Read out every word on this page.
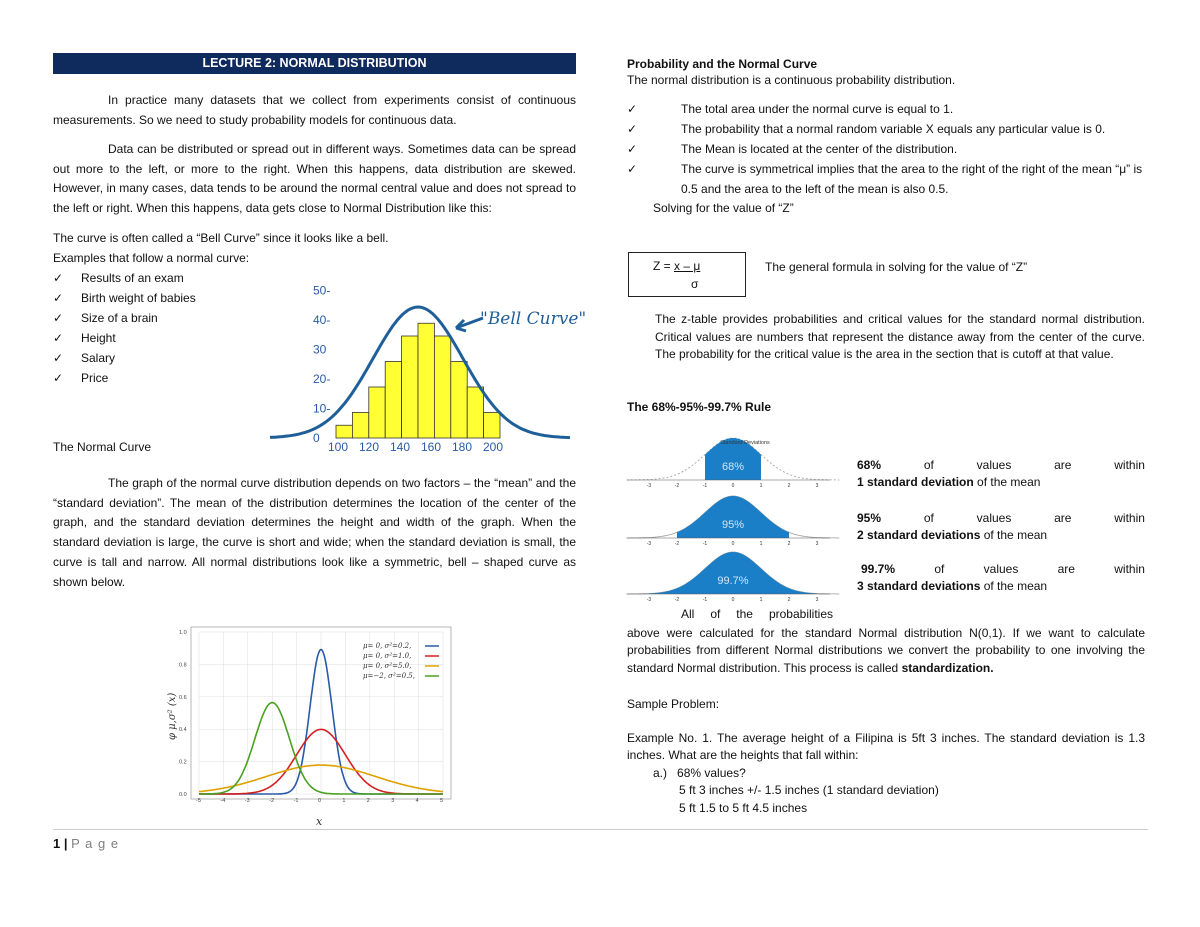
LECTURE 2: NORMAL DISTRIBUTION

In practice many datasets that we collect from experiments consist of continuous measurements. So we need to study probability models for continuous data.

Data can be distributed or spread out in different ways. Sometimes data can be spread out more to the left, or more to the right. When this happens, data distribution are skewed. However, in many cases, data tends to be around the normal central value and does not spread to the left or right. When this happens, data gets close to Normal Distribution like this:

The curve is often called a “Bell Curve” since it looks like a bell.

Examples that follow a normal curve:

✓ Results of an exam
✓ Birth weight of babies
✓ Size of a brain
✓ Height
✓ Salary
✓ Price

The Normal Curve

The graph of the normal curve distribution depends on two factors – the “mean” and the “standard deviation”. The mean of the distribution determines the location of the center of the graph, and the standard deviation determines the height and width of the graph. When the standard deviation is large, the curve is short and wide; when the standard deviation is small, the curve is tall and narrow. All normal distributions look like a symmetric, bell – shaped curve as shown below.

0
10-
20-
30
40-
50-
100 120 140 160 180 200
"Bell Curve"
1.0
0.8
0.6
0.4
0.2
0.0
-5	-4	-3	-2	-1	0	1	2	3	4	5
φ μ,σ² (x)
x
μ= 0, σ²=0.2,
μ= 0, σ²=1.0,
μ= 0, σ²=5.0,
μ=−2, σ²=0.5,

Probability and the Normal Curve

The normal distribution is a continuous probability distribution.

✓	The total area under the normal curve is equal to 1.
✓	The probability that a normal random variable X equals any particular value is 0.
✓	The Mean is located at the center of the distribution.
✓	The curve is symmetrical implies that the area to the right of the right of the mean “μ” is 0.5 and the area to the left of the mean is also 0.5.

Solving for the value of “Z”

Z = x – μ
σ
The general formula in solving for the value of “Z”

The z-table provides probabilities and critical values for the standard normal distribution. Critical values are numbers that represent the distance away from the center of the curve. The probability for the critical value is the area in the section that is cutoff at that value.

The 68%-95%-99.7% Rule

68%
-3	-2	-1	0	1	2	3
95%
-3	-2	-1	0	1	2	3
99.7%
-3	-2	-1	0	1	2	3
Standard Deviations
68%	of	values	are	within
1 standard deviation of the mean
95%	of	values	are	within
2 standard deviations of the mean
99.7%	of	values	are	within
3 standard deviations of the mean
All of the probabilities

above were calculated for the standard Normal distribution N(0,1). If we want to calculate probabilities from different Normal distributions we convert the probability to one involving the standard Normal distribution. This process is called standardization.

Sample Problem:

Example No. 1. The average height of a Filipina is 5ft 3 inches. The standard deviation is 1.3 inches. What are the heights that fall within:

a.) 68% values?
5 ft 3 inches +/- 1.5 inches (1 standard deviation)
5 ft 1.5 to 5 ft 4.5 inches
1 | P a g e
